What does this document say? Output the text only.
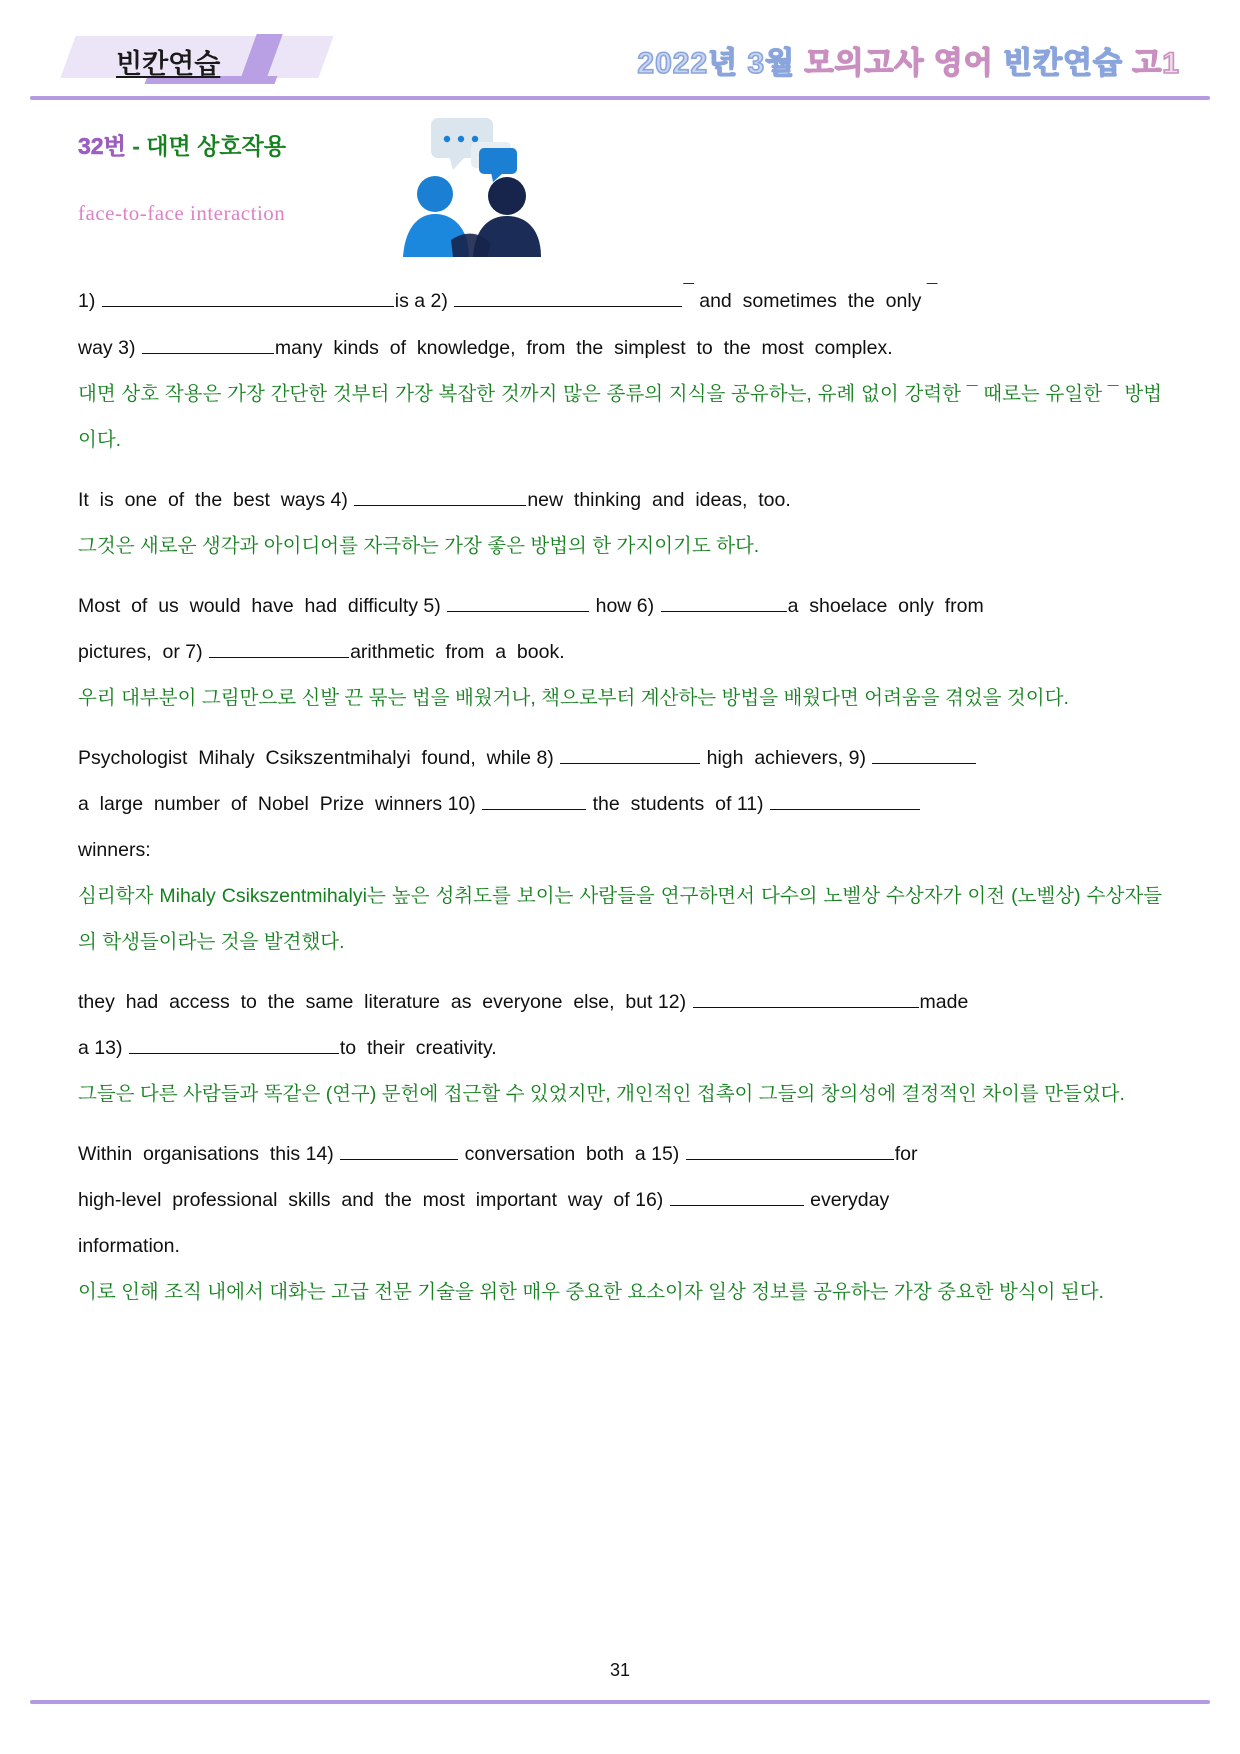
빈칸연습	2022년 3월 모의고사 영어 빈칸연습 고1
32번 - 대면 상호작용
face-to-face interaction
1)	is a 2)	¯ and  sometimes  the  only ¯
way 3)	many  kinds  of  knowledge,  from  the  simplest  to  the  most  complex.
대면 상호 작용은 가장 간단한 것부터 가장 복잡한 것까지 많은 종류의 지식을 공유하는, 유례 없이 강력한 ¯ 때로는 유일한 ¯ 방법이다.
It  is  one  of  the  best  ways 4)	new  thinking  and  ideas,  too.
그것은 새로운 생각과 아이디어를 자극하는 가장 좋은 방법의 한 가지이기도 하다.
Most  of  us  would  have  had  difficulty 5)	how 6)	a  shoelace  only  from
pictures,  or 7)	arithmetic  from  a  book.
우리 대부분이 그림만으로 신발 끈 묶는 법을 배웠거나, 책으로부터 계산하는 방법을 배웠다면 어려움을 겪었을 것이다.
Psychologist  Mihaly  Csikszentmihalyi  found,  while 8)	high  achievers, 9)
a  large  number  of  Nobel  Prize  winners 10)	the  students  of 11)
winners:
심리학자 Mihaly Csikszentmihalyi는 높은 성취도를 보이는 사람들을 연구하면서 다수의 노벨상 수상자가 이전 (노벨상) 수상자들의 학생들이라는 것을 발견했다.
they  had  access  to  the  same  literature  as  everyone  else,  but 12)	made
a 13)	to  their  creativity.
그들은 다른 사람들과 똑같은 (연구) 문헌에 접근할 수 있었지만, 개인적인 접촉이 그들의 창의성에 결정적인 차이를 만들었다.
Within  organisations  this 14)	conversation  both  a 15)	for
high-level  professional  skills  and  the  most  important  way  of 16)	everyday
information.
이로 인해 조직 내에서 대화는 고급 전문 기술을 위한 매우 중요한 요소이자 일상 정보를 공유하는 가장 중요한 방식이 된다.
31
